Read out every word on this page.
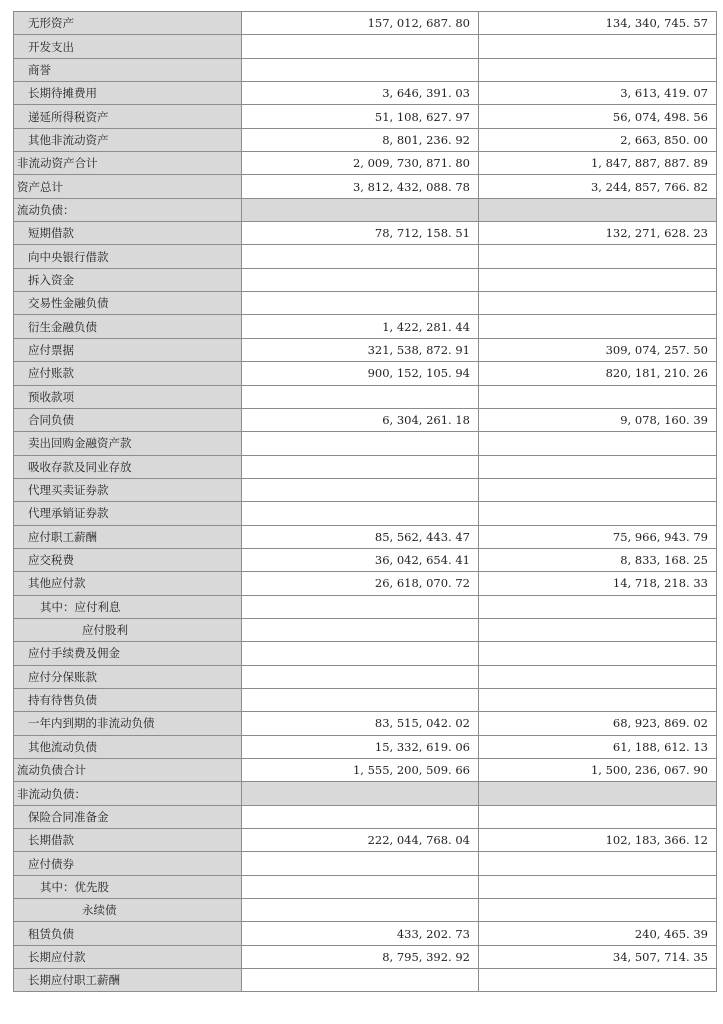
无形资产	157, 012, 687. 80	134, 340, 745. 57
开发支出		
商誉		
长期待摊费用	3, 646, 391. 03	3, 613, 419. 07
递延所得税资产	51, 108, 627. 97	56, 074, 498. 56
其他非流动资产	8, 801, 236. 92	2, 663, 850. 00
非流动资产合计	2, 009, 730, 871. 80	1, 847, 887, 887. 89
资产总计	3, 812, 432, 088. 78	3, 244, 857, 766. 82
流动负债：		
短期借款	78, 712, 158. 51	132, 271, 628. 23
向中央银行借款		
拆入资金		
交易性金融负债		
衍生金融负债	1, 422, 281. 44	
应付票据	321, 538, 872. 91	309, 074, 257. 50
应付账款	900, 152, 105. 94	820, 181, 210. 26
预收款项		
合同负债	6, 304, 261. 18	9, 078, 160. 39
卖出回购金融资产款		
吸收存款及同业存放		
代理买卖证券款		
代理承销证券款		
应付职工薪酬	85, 562, 443. 47	75, 966, 943. 79
应交税费	36, 042, 654. 41	8, 833, 168. 25
其他应付款	26, 618, 070. 72	14, 718, 218. 33
其中：应付利息		
应付股利		
应付手续费及佣金		
应付分保账款		
持有待售负债		
一年内到期的非流动负债	83, 515, 042. 02	68, 923, 869. 02
其他流动负债	15, 332, 619. 06	61, 188, 612. 13
流动负债合计	1, 555, 200, 509. 66	1, 500, 236, 067. 90
非流动负债：		
保险合同准备金		
长期借款	222, 044, 768. 04	102, 183, 366. 12
应付债券		
其中：优先股		
永续债		
租赁负债	433, 202. 73	240, 465. 39
长期应付款	8, 795, 392. 92	34, 507, 714. 35
长期应付职工薪酬		
